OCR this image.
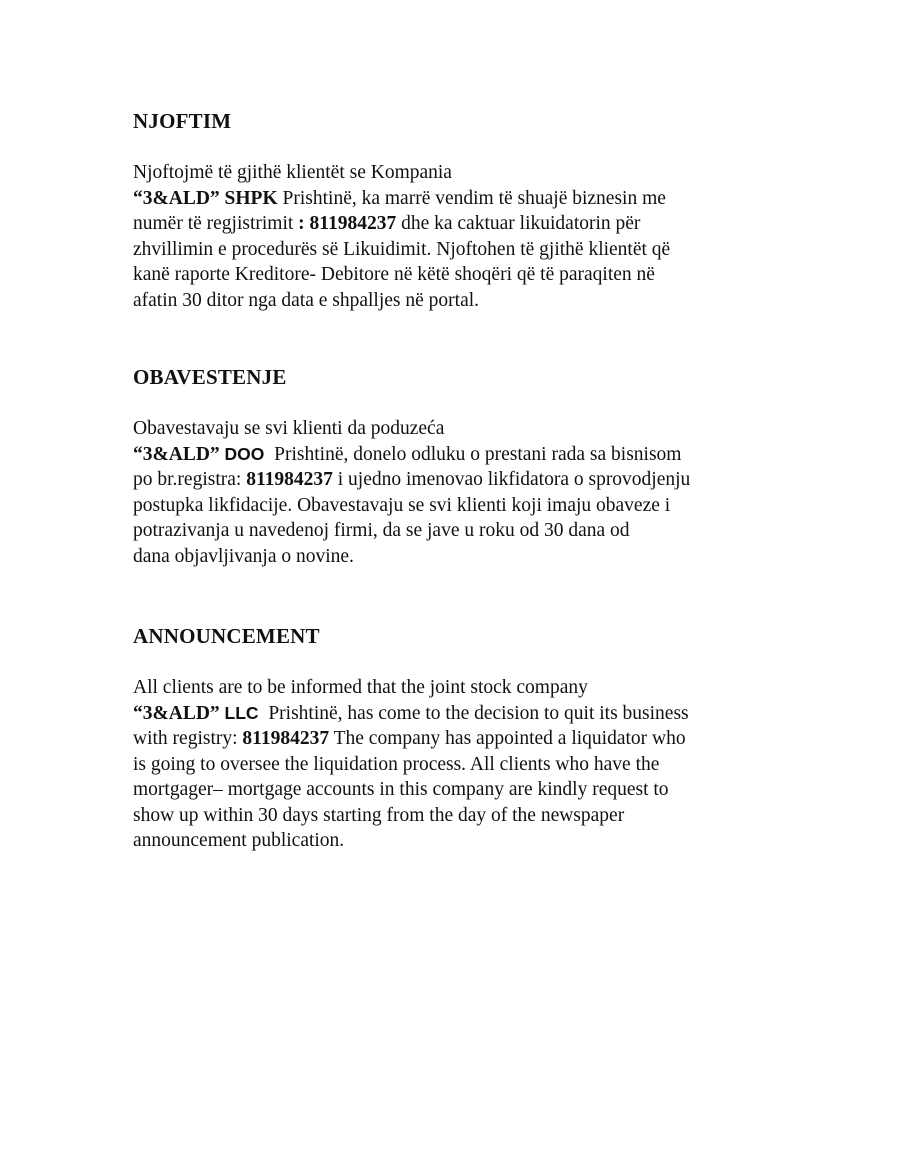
NJOFTIM
Njoftojmë të gjithë klientët se Kompania
“3&ALD” SHPK Prishtinë, ka marrë vendim të shuajë biznesin me
numër të regjistrimit : 811984237 dhe ka caktuar likuidatorin për
zhvillimin e procedurës së Likuidimit. Njoftohen të gjithë klientët që
kanë raporte Kreditore- Debitore në këtë shoqëri që të paraqiten në
afatin 30 ditor nga data e shpalljes në portal.
OBAVESTENJE
Obavestavaju se svi klienti da poduzeća
“3&ALD” DOO  Prishtinë, donelo odluku o prestani rada sa bisnisom
po br.registra: 811984237 i ujedno imenovao likfidatora o sprovodjenju
postupka likfidacije. Obavestavaju se svi klienti koji imaju obaveze i
potrazivanja u navedenoj firmi, da se jave u roku od 30 dana od
dana objavljivanja o novine.
ANNOUNCEMENT
All clients are to be informed that the joint stock company
“3&ALD” LLC  Prishtinë, has come to the decision to quit its business
with registry: 811984237 The company has appointed a liquidator who
is going to oversee the liquidation process. All clients who have the
mortgager– mortgage accounts in this company are kindly request to
show up within 30 days starting from the day of the newspaper
announcement publication.
